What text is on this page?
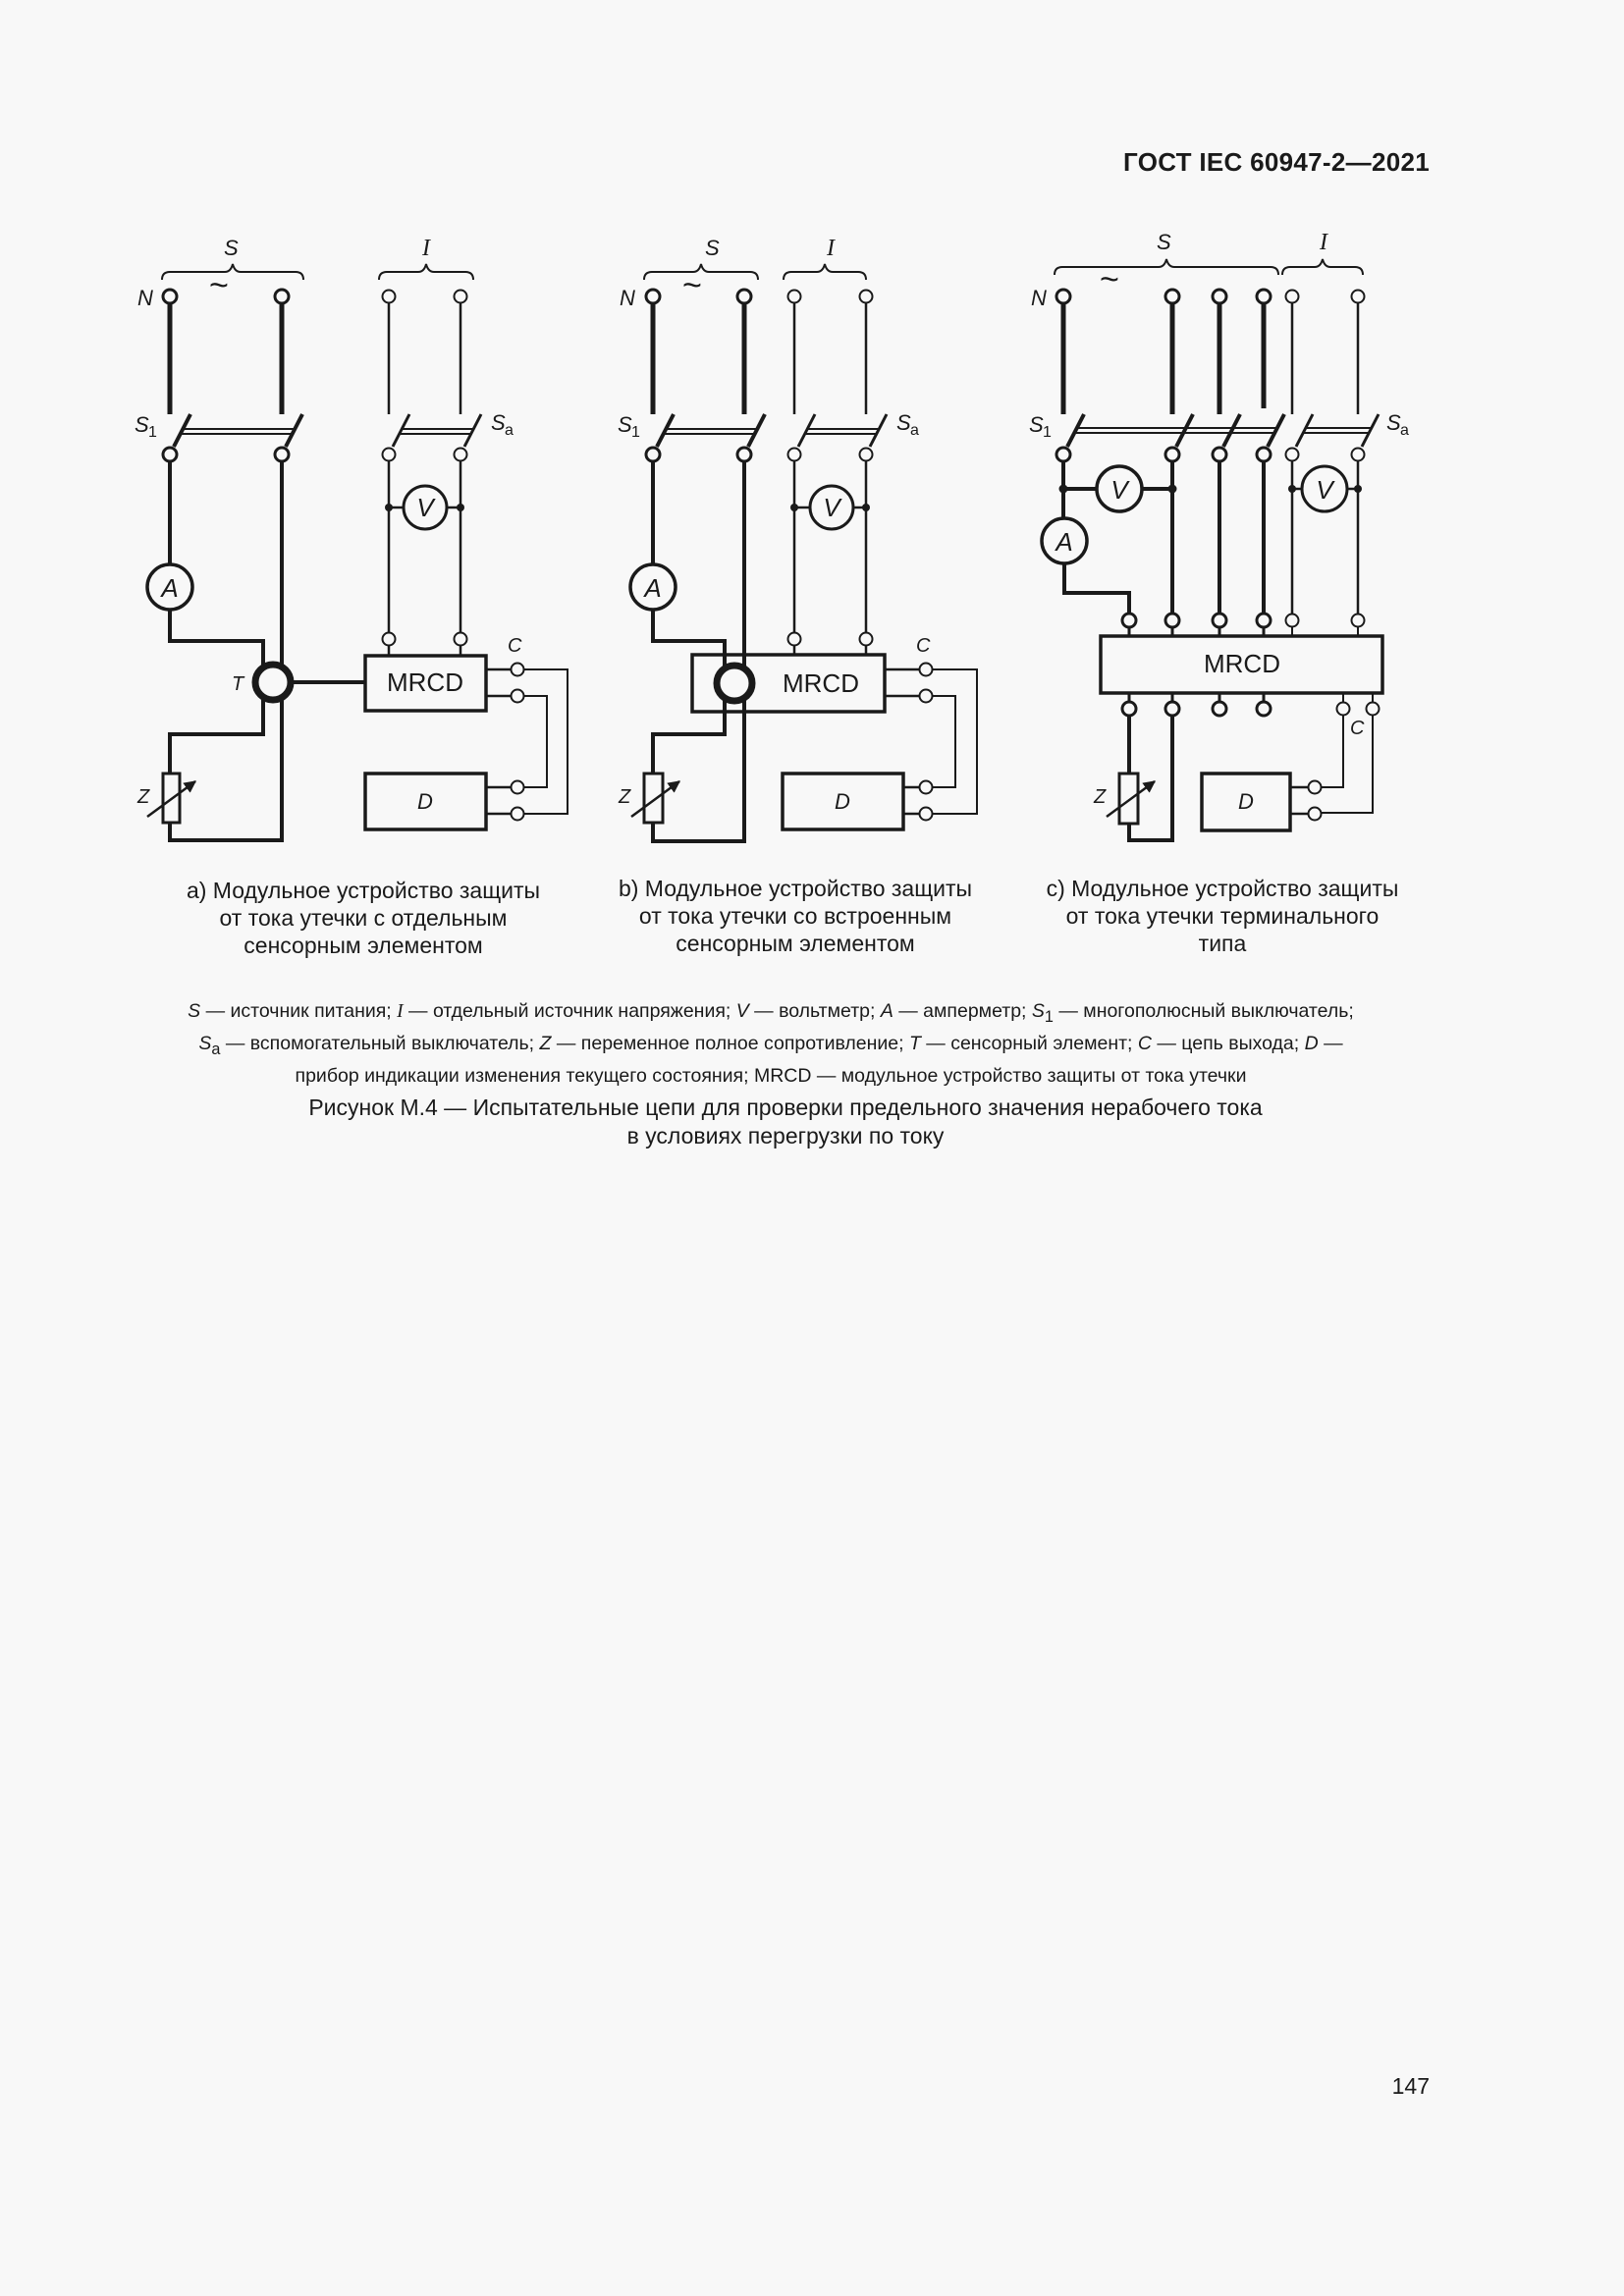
ГОСТ IEC 60947-2—2021
S	I
N ~
S 1	S a
V
A
T	MRCD
C
Z	D
S	I
N ~
S 1	S a
V
A
MRCD
C
Z	D
S	I
N ~
S 1	S a
V	V
A
MRCD
C
Z	D
а) Модульное устройство защиты
от тока утечки с отдельным
сенсорным элементом
b) Модульное устройство защиты
от тока утечки со встроенным
сенсорным элементом
c) Модульное устройство защиты
от тока утечки терминального
типа
S — источник питания; I — отдельный источник напряжения; V — вольтметр; A — амперметр; $S_1$ — многополюсный выключатель;
$S_a$ — вспомогательный выключатель; Z — переменное полное сопротивление; T — сенсорный элемент; C — цепь выхода; D —
прибор индикации изменения текущего состояния; MRCD — модульное устройство защиты от тока утечки
Рисунок М.4 — Испытательные цепи для проверки предельного значения нерабочего тока
в условиях перегрузки по току
147
